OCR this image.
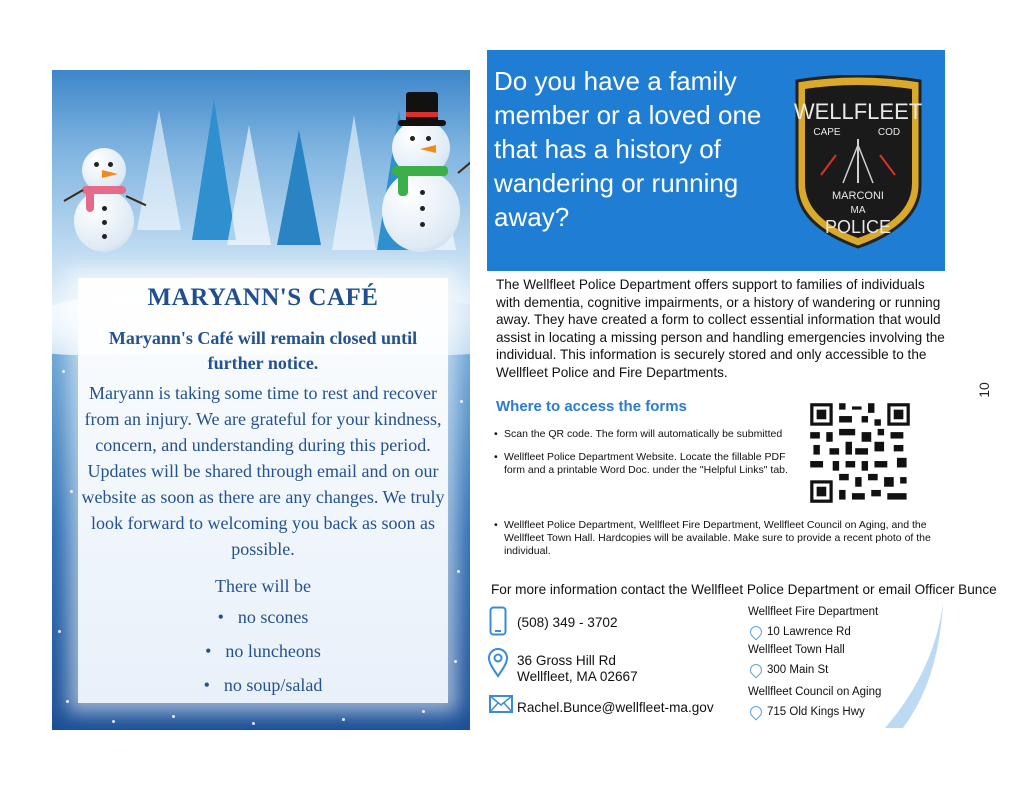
MARYANN'S CAFÉ
Maryann's Café will remain closed until further notice.
Maryann is taking some time to rest and recover from an injury. We are grateful for your kindness, concern, and understanding during this period. Updates will be shared through email and on our website as soon as there are any changes. We truly look forward to welcoming you back as soon as possible.
There will be
• no scones
• no luncheons
• no soup/salad
Do you have a family member or a loved one that has a history of wandering or running away?
WELLFLEET
CAPE	COD
MARCONI
MA
POLICE
The Wellfleet Police Department offers support to families of individuals with dementia, cognitive impairments, or a history of wandering or running away. They have created a form to collect essential information that would assist in locating a missing person and handling emergencies involving the individual. This information is securely stored and only accessible to the Wellfleet Police and Fire Departments.
Where to access the forms
• Scan the QR code. The form will automatically be submitted
• Wellfleet Police Department Website. Locate the fillable PDF form and a printable Word Doc. under the "Helpful Links" tab.
• Wellfleet Police Department, Wellfleet Fire Department, Wellfleet Council on Aging, and the Wellfleet Town Hall. Hardcopies will be available. Make sure to provide a recent photo of the individual.
For more information contact the Wellfleet Police Department or email Officer Bunce
(508) 349 - 3702
36 Gross Hill Rd
Wellfleet, MA 02667
Rachel.Bunce@wellfleet-ma.gov
Wellfleet Fire Department
10 Lawrence Rd
Wellfleet Town Hall
300 Main St
Wellfleet Council on Aging
715 Old Kings Hwy
10
